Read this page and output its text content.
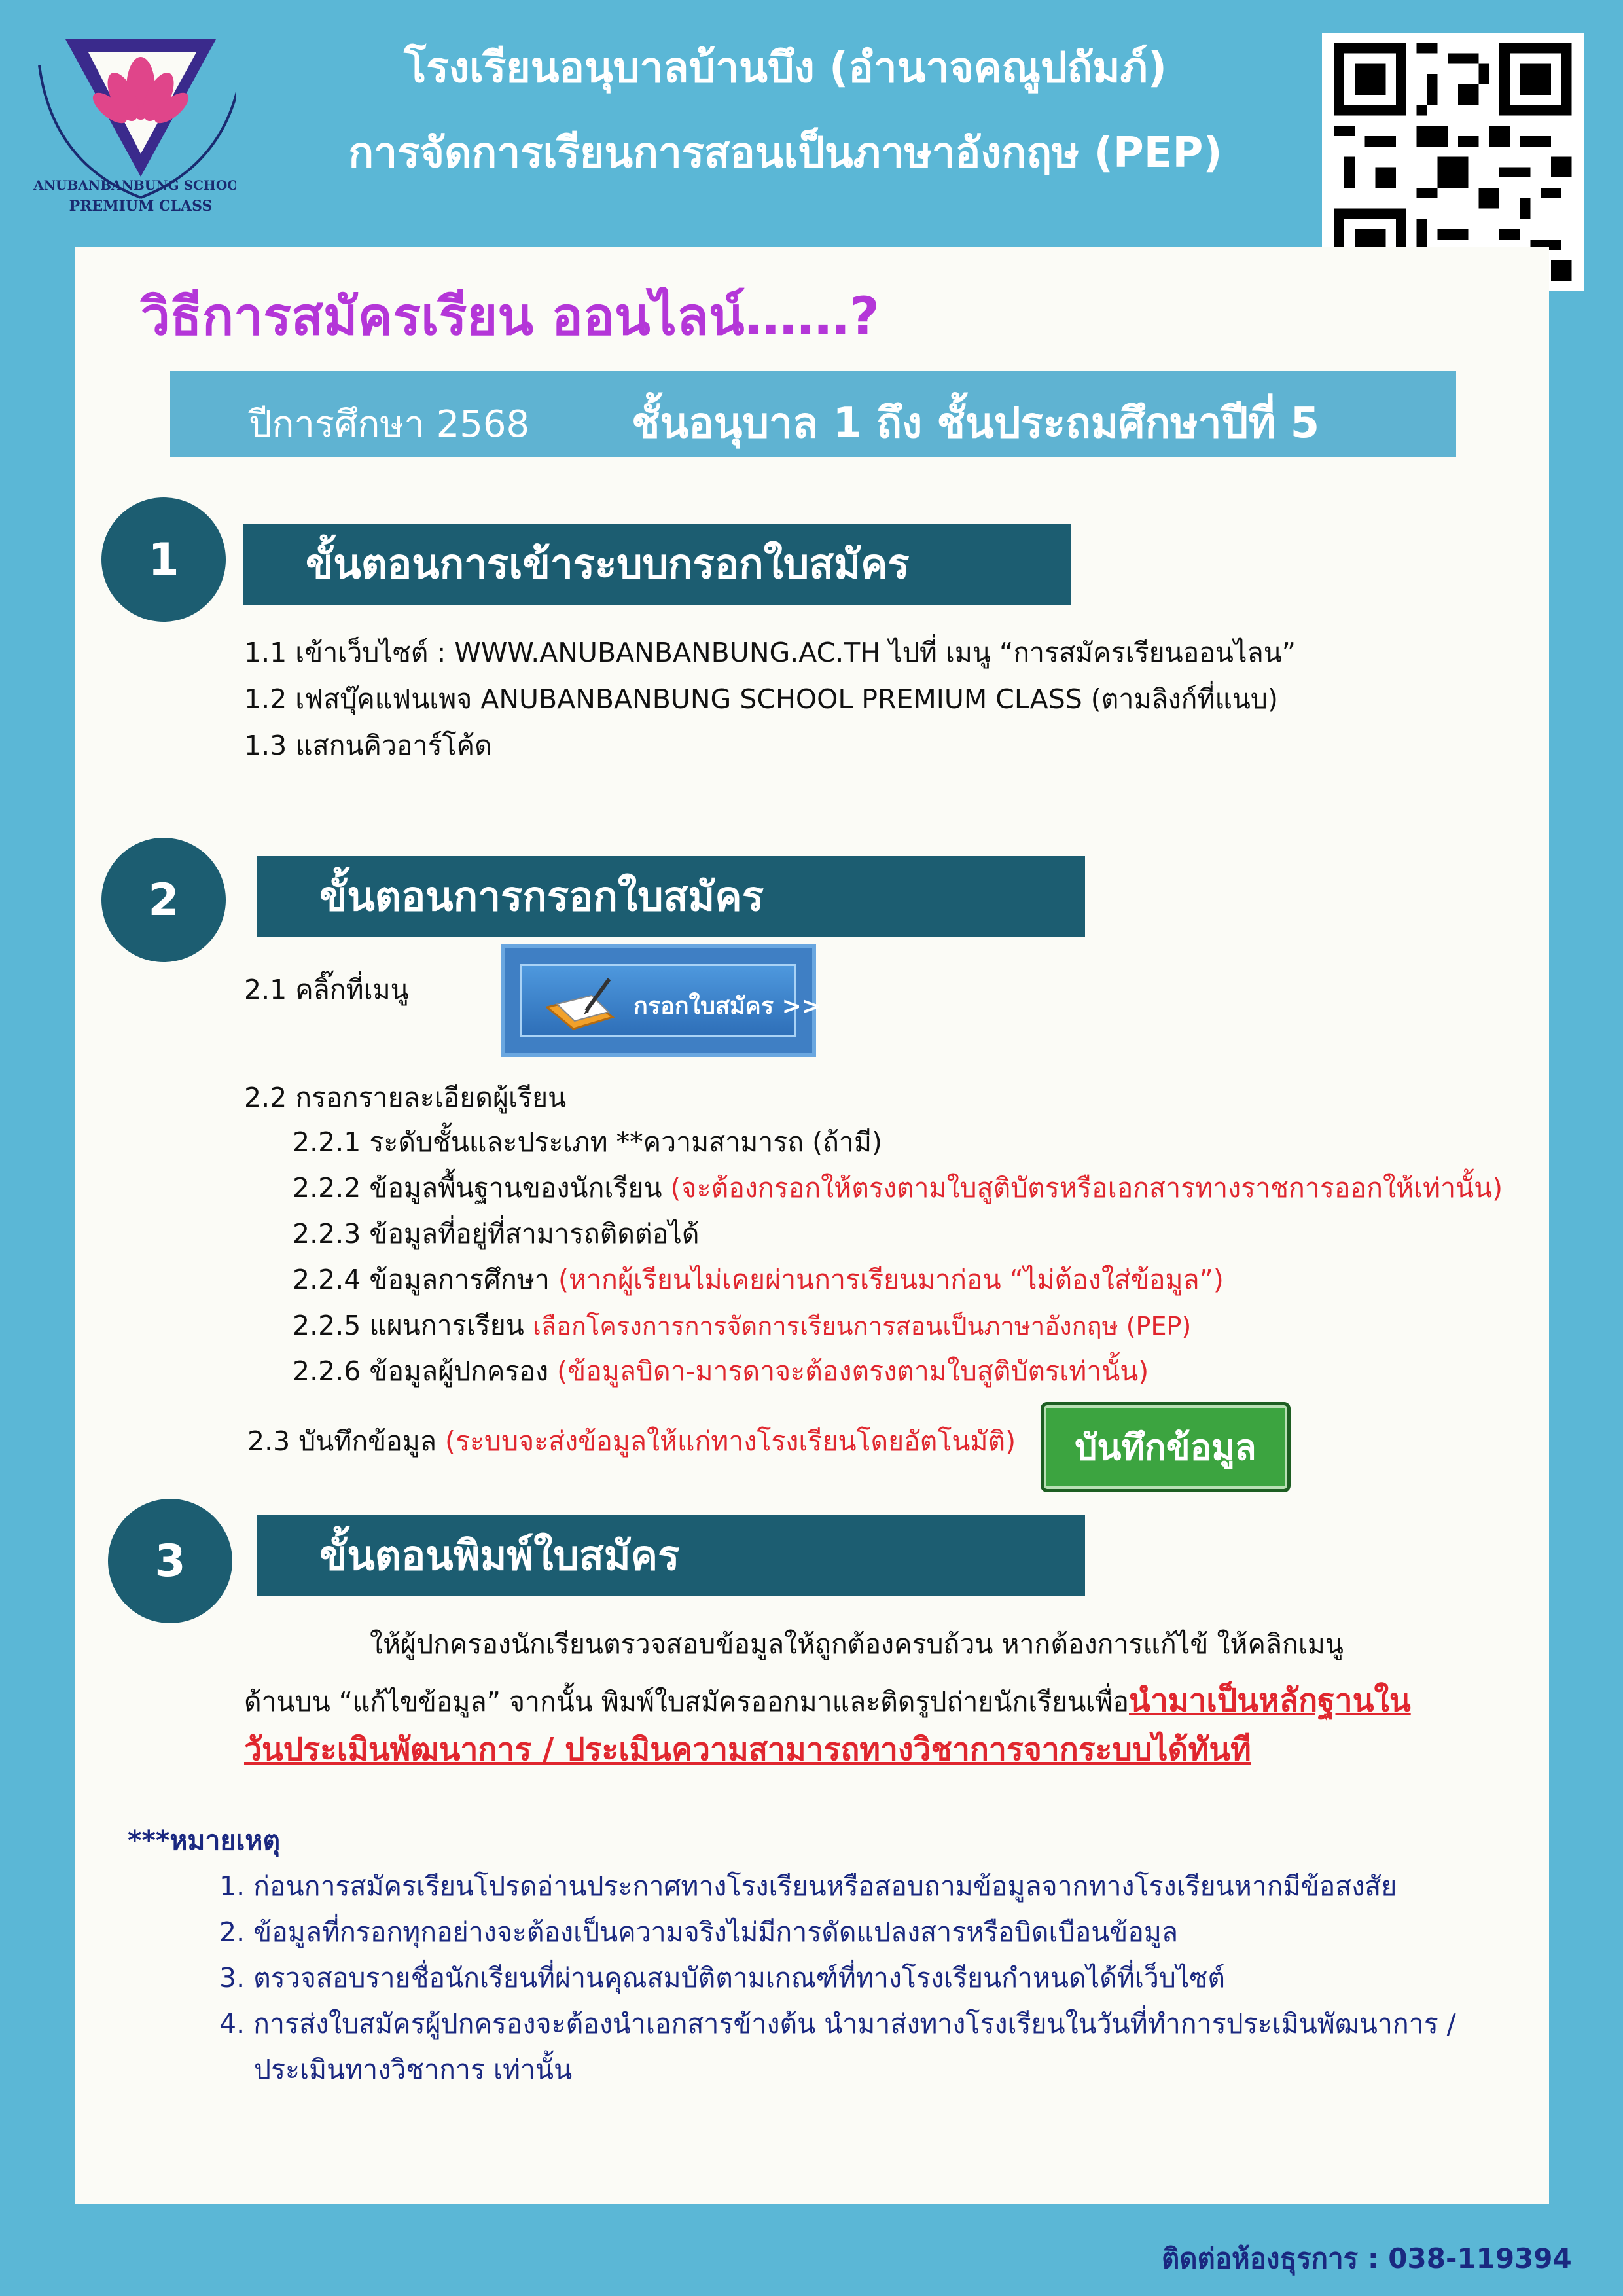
ANUBANBANBUNG SCHOOL
PREMIUM CLASS
โรงเรียนอนุบาลบ้านบึง (อำนาจคณูปถัมภ์)
การจัดการเรียนการสอนเป็นภาษาอังกฤษ (PEP)
วิธีการสมัครเรียน ออนไลน์……?
ปีการศึกษา 2568 ชั้นอนุบาล 1 ถึง ชั้นประถมศึกษาปีที่ 5
1	ขั้นตอนการเข้าระบบกรอกใบสมัคร
1.1 เข้าเว็บไซต์ : WWW.ANUBANBANBUNG.AC.TH ไปที่ เมนู “การสมัครเรียนออนไลน”
1.2 เฟสบุ๊คแฟนเพจ ANUBANBANBUNG SCHOOL PREMIUM CLASS (ตามลิงก์ที่แนบ)
1.3 แสกนคิวอาร์โค้ด
2	ขั้นตอนการกรอกใบสมัคร
2.1 คลิ๊กที่เมนู
กรอกใบสมัคร >>
2.2 กรอกรายละเอียดผู้เรียน
2.2.1 ระดับชั้นและประเภท **ความสามารถ (ถ้ามี)
2.2.2 ข้อมูลพื้นฐานของนักเรียน (จะต้องกรอกให้ตรงตามใบสูติบัตรหรือเอกสารทางราชการออกให้เท่านั้น)
2.2.3 ข้อมูลที่อยู่ที่สามารถติดต่อได้
2.2.4 ข้อมูลการศึกษา (หากผู้เรียนไม่เคยผ่านการเรียนมาก่อน “ไม่ต้องใส่ข้อมูล”)
2.2.5 แผนการเรียน เลือกโครงการการจัดการเรียนการสอนเป็นภาษาอังกฤษ (PEP)
2.2.6 ข้อมูลผู้ปกครอง (ข้อมูลบิดา-มารดาจะต้องตรงตามใบสูติบัตรเท่านั้น)
2.3 บันทึกข้อมูล (ระบบจะส่งข้อมูลให้แก่ทางโรงเรียนโดยอัตโนมัติ)	บันทึกข้อมูล
3	ขั้นตอนพิมพ์ใบสมัคร
ให้ผู้ปกครองนักเรียนตรวจสอบข้อมูลให้ถูกต้องครบถ้วน หากต้องการแก้ไข้ ให้คลิกเมนู
ด้านบน “แก้ไขข้อมูล” จากนั้น พิมพ์ใบสมัครออกมาและติดรูปถ่ายนักเรียนเพื่อนำมาเป็นหลักฐานใน
วันประเมินพัฒนาการ / ประเมินความสามารถทางวิชาการจากระบบได้ทันที
***หมายเหตุ
1. ก่อนการสมัครเรียนโปรดอ่านประกาศทางโรงเรียนหรือสอบถามข้อมูลจากทางโรงเรียนหากมีข้อสงสัย
2. ข้อมูลที่กรอกทุกอย่างจะต้องเป็นความจริงไม่มีการดัดแปลงสารหรือบิดเบือนข้อมูล
3. ตรวจสอบรายชื่อนักเรียนที่ผ่านคุณสมบัติตามเกณฑ์ที่ทางโรงเรียนกำหนดได้ที่เว็บไซต์
4. การส่งใบสมัครผู้ปกครองจะต้องนำเอกสารข้างต้น นำมาส่งทางโรงเรียนในวันที่ทำการประเมินพัฒนาการ /
ประเมินทางวิชาการ เท่านั้น
ติดต่อห้องธุรการ : 038-119394
